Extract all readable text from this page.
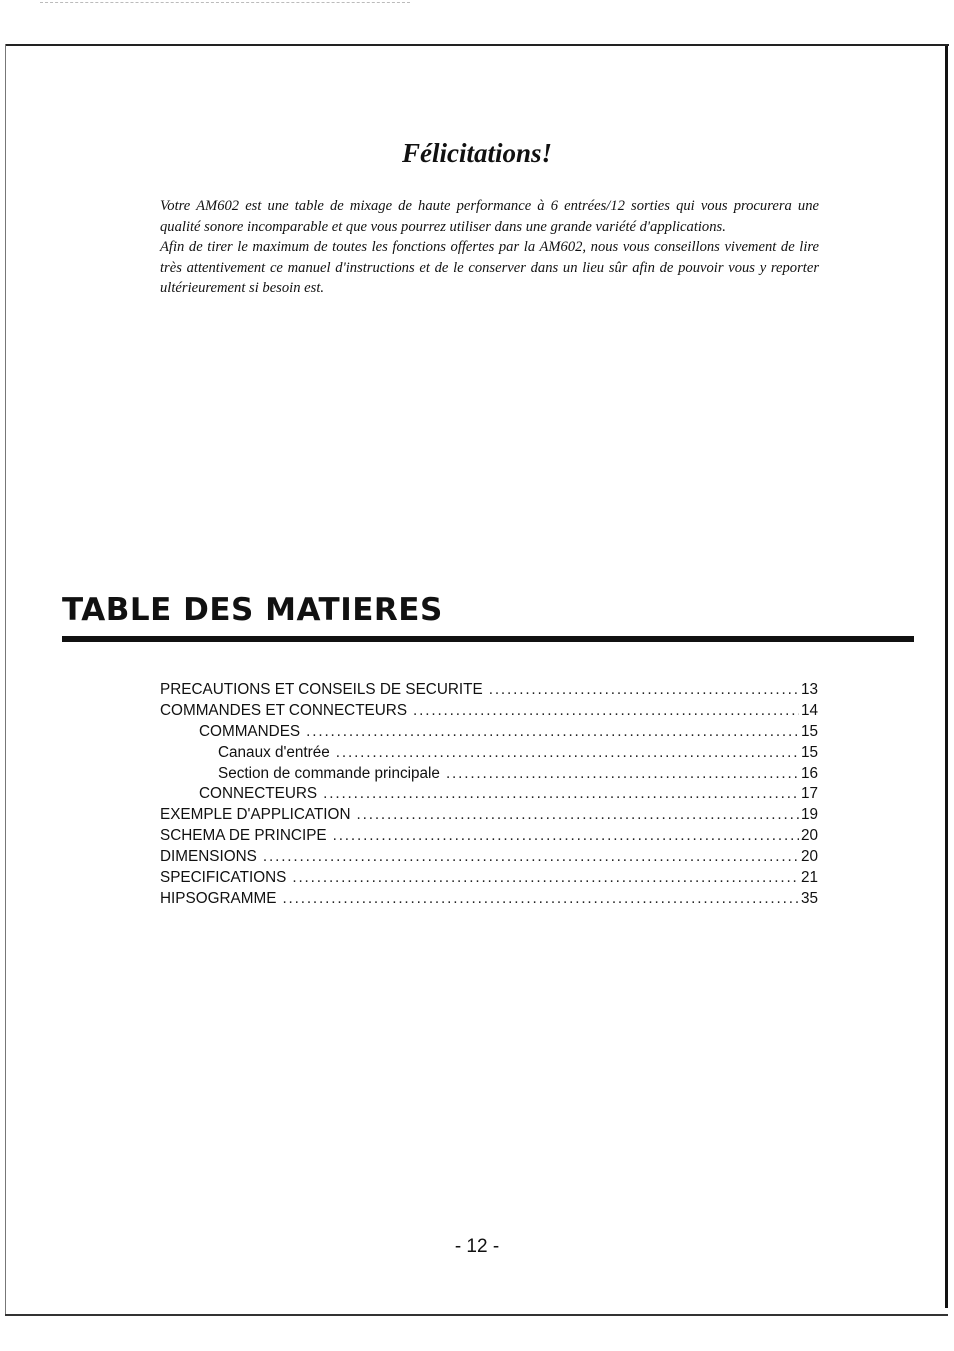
Félicitations!

Votre AM602 est une table de mixage de haute performance à 6 entrées/12 sorties qui vous procurera une qualité sonore incomparable et que vous pourrez utiliser dans une grande variété d'applications.

Afin de tirer le maximum de toutes les fonctions offertes par la AM602, nous vous conseillons vivement de lire très attentivement ce manuel d'instructions et de le conserver dans un lieu sûr afin de pouvoir vous y reporter ultérieurement si besoin est.

TABLE DES MATIERES
PRECAUTIONS ET CONSEILS DE SECURITE . . .	13
COMMANDES ET CONNECTEURS . . .	14
COMMANDES . . .	15
Canaux d'entrée . . .	15
Section de commande principale . . .	16
CONNECTEURS . . .	17
EXEMPLE D'APPLICATION . . .	19
SCHEMA DE PRINCIPE . . .	20
DIMENSIONS . . .	20
SPECIFICATIONS . . .	21
HIPSOGRAMME . . .	35
- 12 -
